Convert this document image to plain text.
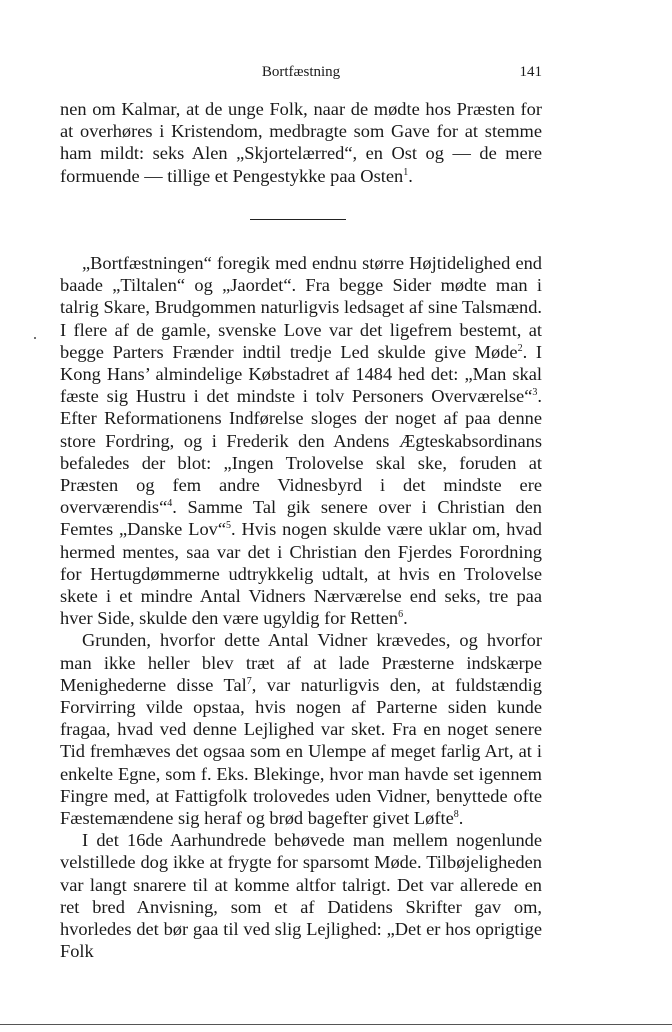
Bortfæstning	141

nen om Kalmar, at de unge Folk, naar de mødte hos Præsten for at overhøres i Kristendom, medbragte som Gave for at stemme ham mildt: seks Alen „Skjortelærred“, en Ost og — de mere formuende — tillige et Pengestykke paa Osten$^1$.

„Bortfæstningen“ foregik med endnu større Højtidelighed end baade „Tiltalen“ og „Jaordet“. Fra begge Sider mødte man i talrig Skare, Brudgommen naturligvis ledsaget af sine Talsmænd. I flere af de gamle, svenske Love var det ligefrem bestemt, at begge Parters Frænder indtil tredje Led skulde give Møde$^2$. I Kong Hans’ almindelige Købstadret af 1484 hed det: „Man skal fæste sig Hustru i det mindste i tolv Personers Overværelse“$^3$. Efter Reformationens Indførelse sloges der noget af paa denne store Fordring, og i Frederik den Andens Ægteskabsordinans befaledes der blot: „Ingen Trolovelse skal ske, foruden at Præsten og fem andre Vidnesbyrd i det mindste ere overværendis“$^4$. Samme Tal gik senere over i Christian den Femtes „Danske Lov“$^5$. Hvis nogen skulde være uklar om, hvad hermed mentes, saa var det i Christian den Fjerdes Forordning for Hertugdømmerne udtrykkelig udtalt, at hvis en Trolovelse skete i et mindre Antal Vidners Nærværelse end seks, tre paa hver Side, skulde den være ugyldig for Retten$^6$.

Grunden, hvorfor dette Antal Vidner krævedes, og hvorfor man ikke heller blev træt af at lade Præsterne indskærpe Menighederne disse Tal$^7$, var naturligvis den, at fuldstændig Forvirring vilde opstaa, hvis nogen af Parterne siden kunde fragaa, hvad ved denne Lejlighed var sket. Fra en noget senere Tid fremhæves det ogsaa som en Ulempe af meget farlig Art, at i enkelte Egne, som f. Eks. Blekinge, hvor man havde set igennem Fingre med, at Fattigfolk trolovedes uden Vidner, benyttede ofte Fæstemændene sig heraf og brød bagefter givet Løfte$^8$.

I det 16de Aarhundrede behøvede man mellem nogenlunde velstillede dog ikke at frygte for sparsomt Møde. Tilbøjeligheden var langt snarere til at komme altfor talrigt. Det var allerede en ret bred Anvisning, som et af Datidens Skrifter gav om, hvorledes det bør gaa til ved slig Lejlighed: „Det er hos oprigtige Folk
